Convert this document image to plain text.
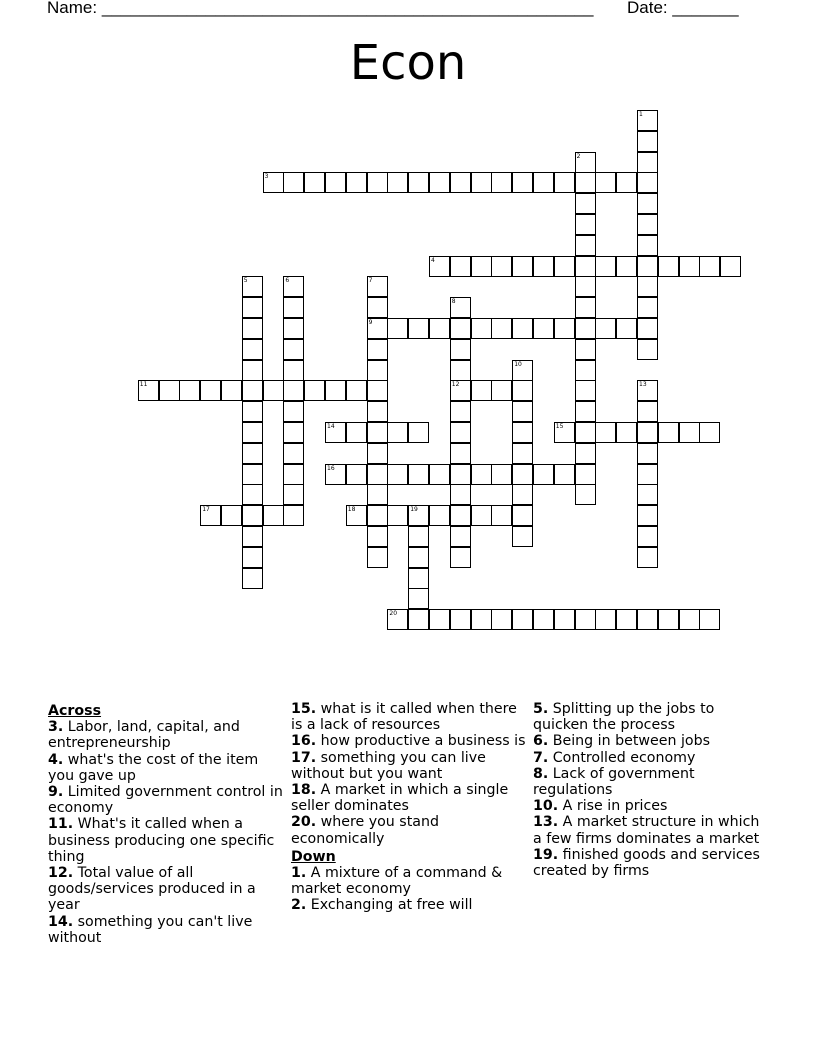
Name: ____________________________________________________ Date: _______
Econ
1
2
3
4
5	6	7
9
8
12
10
11	13
14	15
16
17	18	19
20
Across
3. Labor, land, capital, and entrepreneurship
4. what's the cost of the item you gave up
9. Limited government control in economy
11. What's it called when a business producing one specific thing
12. Total value of all goods/services produced in a year
14. something you can't live without
15. what is it called when there is a lack of resources
16. how productive a business is
17. something you can live without but you want
18. A market in which a single seller dominates
20. where you stand economically
Down
1. A mixture of a command & market economy
2. Exchanging at free will
5. Splitting up the jobs to quicken the process
6. Being in between jobs
7. Controlled economy
8. Lack of government regulations
10. A rise in prices
13. A market structure in which a few firms dominates a market
19. finished goods and services created by firms
